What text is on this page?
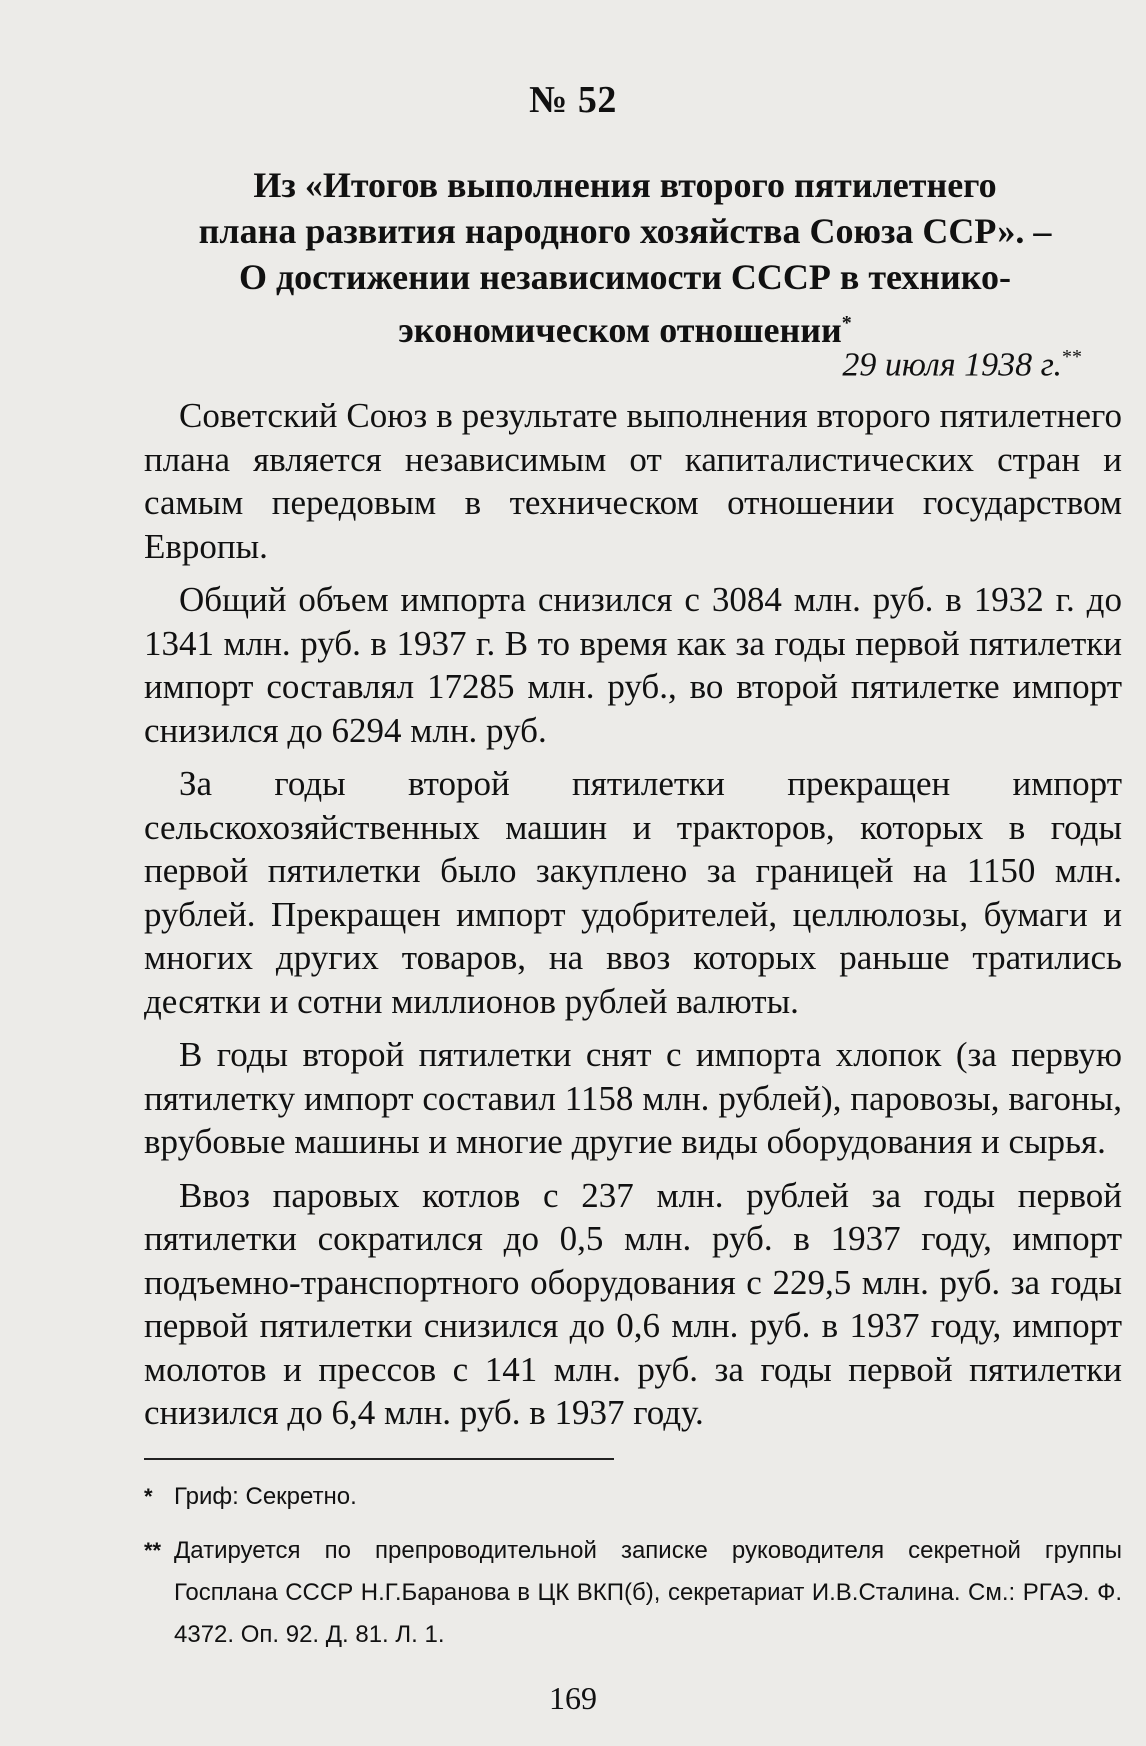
№ 52
Из «Итогов выполнения второго пятилетнего
плана развития народного хозяйства Союза ССР». –
О достижении независимости СССР в технико-
экономическом отношении*
29 июля 1938 г.**

Советский Союз в результате выполнения второго пятилетнего плана является независимым от капиталистических стран и самым передовым в техническом отношении государством Европы.

Общий объем импорта снизился с 3084 млн. руб. в 1932 г. до 1341 млн. руб. в 1937 г. В то время как за годы первой пятилетки импорт составлял 17285 млн. руб., во второй пятилетке импорт снизился до 6294 млн. руб.

За годы второй пятилетки прекращен импорт сельскохозяйственных машин и тракторов, которых в годы первой пятилетки было закуплено за границей на 1150 млн. рублей. Прекращен импорт удобрителей, целлюлозы, бумаги и многих других товаров, на ввоз которых раньше тратились десятки и сотни миллионов рублей валюты.

В годы второй пятилетки снят с импорта хлопок (за первую пятилетку импорт составил 1158 млн. рублей), паровозы, вагоны, врубовые машины и многие другие виды оборудования и сырья.

Ввоз паровых котлов с 237 млн. рублей за годы первой пятилетки сократился до 0,5 млн. руб. в 1937 году, импорт подъемно-транспортного оборудования с 229,5 млн. руб. за годы первой пятилетки снизился до 0,6 млн. руб. в 1937 году, импорт молотов и прессов с 141 млн. руб. за годы первой пятилетки снизился до 6,4 млн. руб. в 1937 году.

* Гриф: Секретно.
** Датируется по препроводительной записке руководителя секретной группы Госплана СССР Н.Г.Баранова в ЦК ВКП(б), секретариат И.В.Сталина. См.: РГАЭ. Ф. 4372. Оп. 92. Д. 81. Л. 1.
169
